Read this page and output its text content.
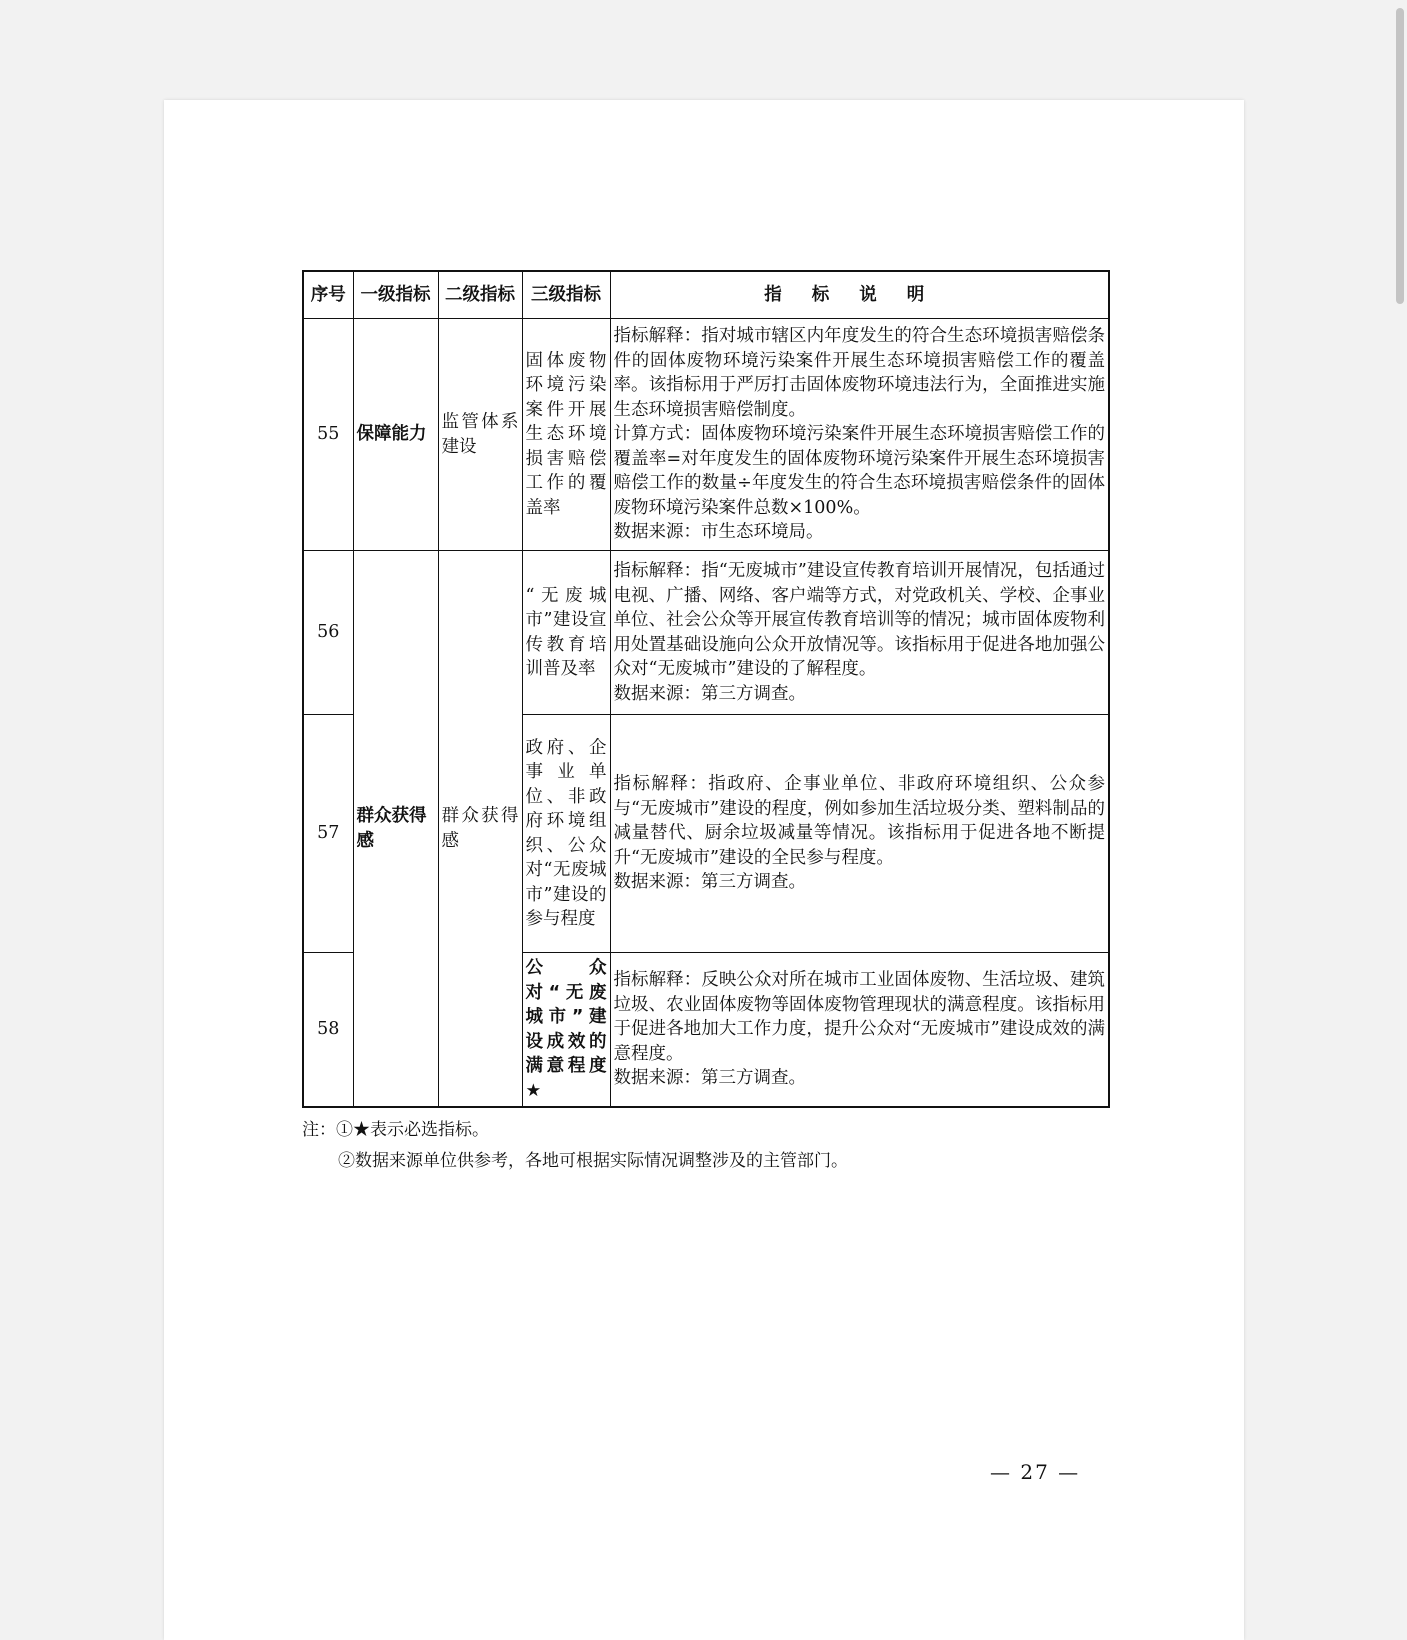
序号	一级指标	二级指标	三级指标	指标说明
55	保障能力	监管体系建设	固体废物环境污染案件开展生态环境损害赔偿工作的覆盖率	指标解释：指对城市辖区内年度发生的符合生态环境损害赔偿条件的固体废物环境污染案件开展生态环境损害赔偿工作的覆盖率。该指标用于严厉打击固体废物环境违法行为，全面推进实施生态环境损害赔偿制度。
计算方式：固体废物环境污染案件开展生态环境损害赔偿工作的覆盖率=对年度发生的固体废物环境污染案件开展生态环境损害赔偿工作的数量÷年度发生的符合生态环境损害赔偿条件的固体废物环境污染案件总数×100%。
数据来源：市生态环境局。

56	群众获得感	群众获得感	“无废城市”建设宣传教育培训普及率	指标解释：指“无废城市”建设宣传教育培训开展情况，包括通过电视、广播、网络、客户端等方式，对党政机关、学校、企事业单位、社会公众等开展宣传教育培训等的情况；城市固体废物利用处置基础设施向公众开放情况等。该指标用于促进各地加强公众对“无废城市”建设的了解程度。
数据来源：第三方调查。

57			政府、企事业单位、非政府环境组织、公众对“无废城市”建设的参与程度	指标解释：指政府、企事业单位、非政府环境组织、公众参与“无废城市”建设的程度，例如参加生活垃圾分类、塑料制品的减量替代、厨余垃圾减量等情况。该指标用于促进各地不断提升“无废城市”建设的全民参与程度。
数据来源：第三方调查。

58			公众对“无废城市”建设成效的满意程度★	指标解释：反映公众对所在城市工业固体废物、生活垃圾、建筑垃圾、农业固体废物等固体废物管理现状的满意程度。该指标用于促进各地加大工作力度，提升公众对“无废城市”建设成效的满意程度。
数据来源：第三方调查。
注：①★表示必选指标。
②数据来源单位供参考，各地可根据实际情况调整涉及的主管部门。
— 27 —
